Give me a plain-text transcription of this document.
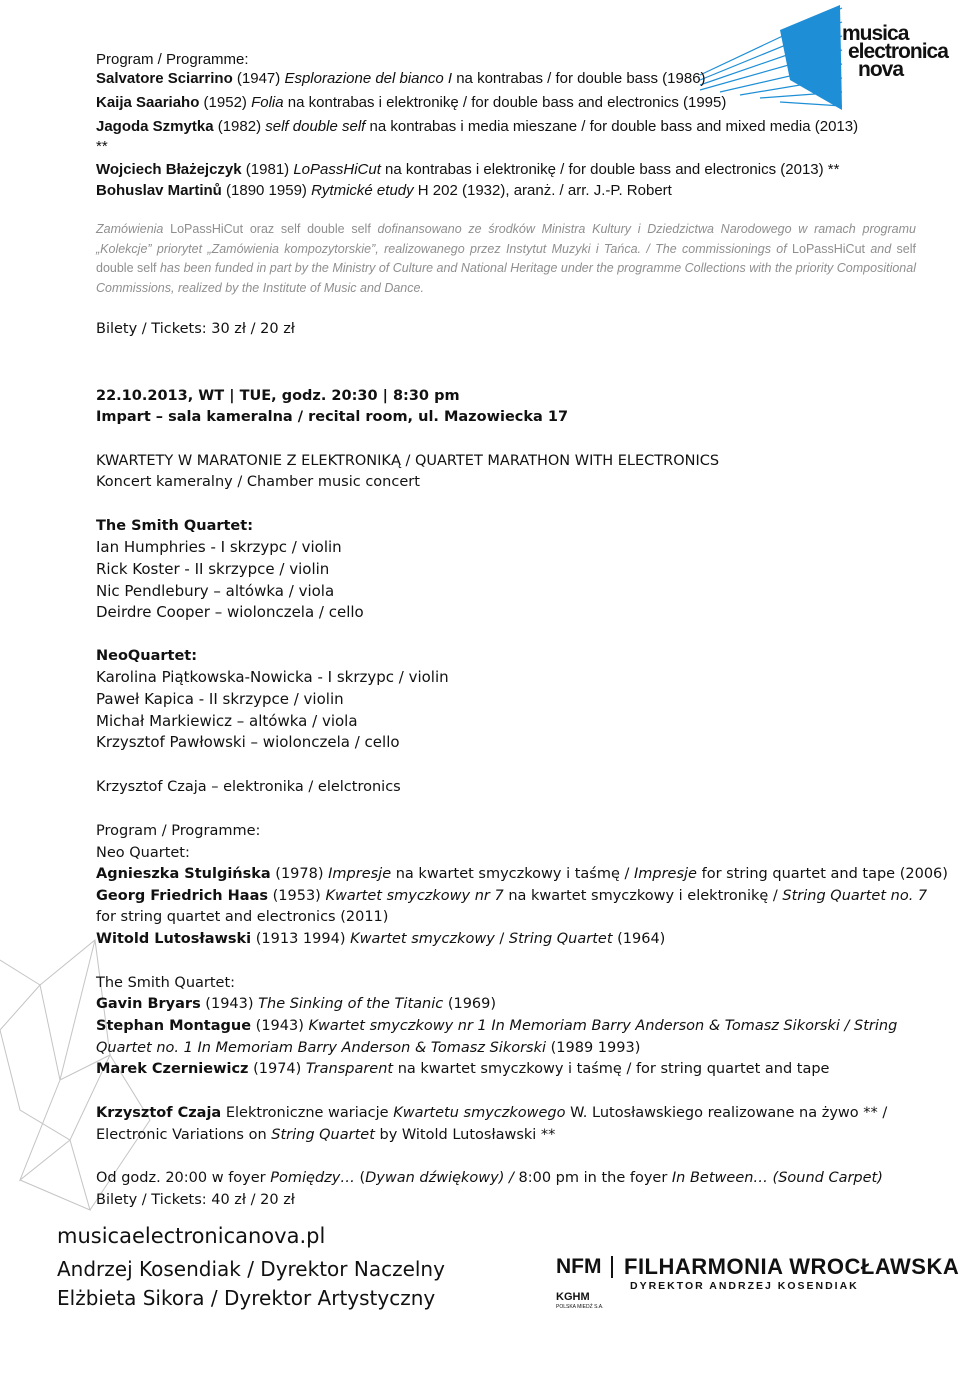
musica
electronica
nova
Program / Programme:
Salvatore Sciarrino (1947) Esplorazione del bianco I na kontrabas / for double bass (1986)
Kaija Saariaho (1952) Folia na kontrabas i elektronikę / for double bass and electronics (1995)
Jagoda Szmytka (1982) self double self na kontrabas i media mieszane / for double bass and mixed media (2013)
**
Wojciech Błażejczyk (1981) LoPassHiCut na kontrabas i elektronikę / for double bass and electronics (2013) **
Bohuslav Martinů (1890 1959) Rytmické etudy H 202 (1932), aranż. / arr. J.-P. Robert
Zamówienia LoPassHiCut oraz self double self dofinansowano ze środków Ministra Kultury i Dziedzictwa Narodowego w ramach programu „Kolekcje” priorytet „Zamówienia kompozytorskie”, realizowanego przez Instytut Muzyki i Tańca. / The commissionings of LoPassHiCut and self double self has been funded in part by the Ministry of Culture and National Heritage under the programme Collections with the priority Compositional Commissions, realized by the Institute of Music and Dance.
Bilety / Tickets: 30 zł / 20 zł
22.10.2013, WT | TUE, godz. 20:30 | 8:30 pm
Impart – sala kameralna / recital room, ul. Mazowiecka 17
KWARTETY W MARATONIE Z ELEKTRONIKĄ / QUARTET MARATHON WITH ELECTRONICS
Koncert kameralny / Chamber music concert
The Smith Quartet:
Ian Humphries - I skrzypc / violin
Rick Koster - II skrzypce / violin
Nic Pendlebury – altówka / viola
Deirdre Cooper – wiolonczela / cello
NeoQuartet:
Karolina Piątkowska-Nowicka - I skrzypc / violin
Paweł Kapica - II skrzypce / violin
Michał Markiewicz – altówka / viola
Krzysztof Pawłowski – wiolonczela / cello
Krzysztof Czaja – elektronika / elelctronics
Program / Programme:
Neo Quartet:
Agnieszka Stulgińska (1978) Impresje na kwartet smyczkowy i taśmę / Impresje for string quartet and tape (2006)
Georg Friedrich Haas (1953) Kwartet smyczkowy nr 7 na kwartet smyczkowy i elektronikę / String Quartet no. 7
for string quartet and electronics (2011)
Witold Lutosławski (1913 1994) Kwartet smyczkowy / String Quartet (1964)
The Smith Quartet:
Gavin Bryars (1943) The Sinking of the Titanic (1969)
Stephan Montague (1943) Kwartet smyczkowy nr 1 In Memoriam Barry Anderson & Tomasz Sikorski / String
Quartet no. 1 In Memoriam Barry Anderson & Tomasz Sikorski (1989 1993)
Marek Czerniewicz (1974) Transparent na kwartet smyczkowy i taśmę / for string quartet and tape
Krzysztof Czaja Elektroniczne wariacje Kwartetu smyczkowego W. Lutosławskiego realizowane na żywo ** /
Electronic Variations on String Quartet by Witold Lutosławski **
Od godz. 20:00 w foyer Pomiędzy… (Dywan dźwiękowy) / 8:00 pm in the foyer In Between… (Sound Carpet)
Bilety / Tickets: 40 zł / 20 zł
musicaelectronicanova.pl
Andrzej Kosendiak / Dyrektor Naczelny
Elżbieta Sikora / Dyrektor Artystyczny
NFM FILHARMONIA WROCŁAWSKA
DYREKTOR ANDRZEJ KOSENDIAK
KGHM
POLSKA MIEDŹ S.A.
